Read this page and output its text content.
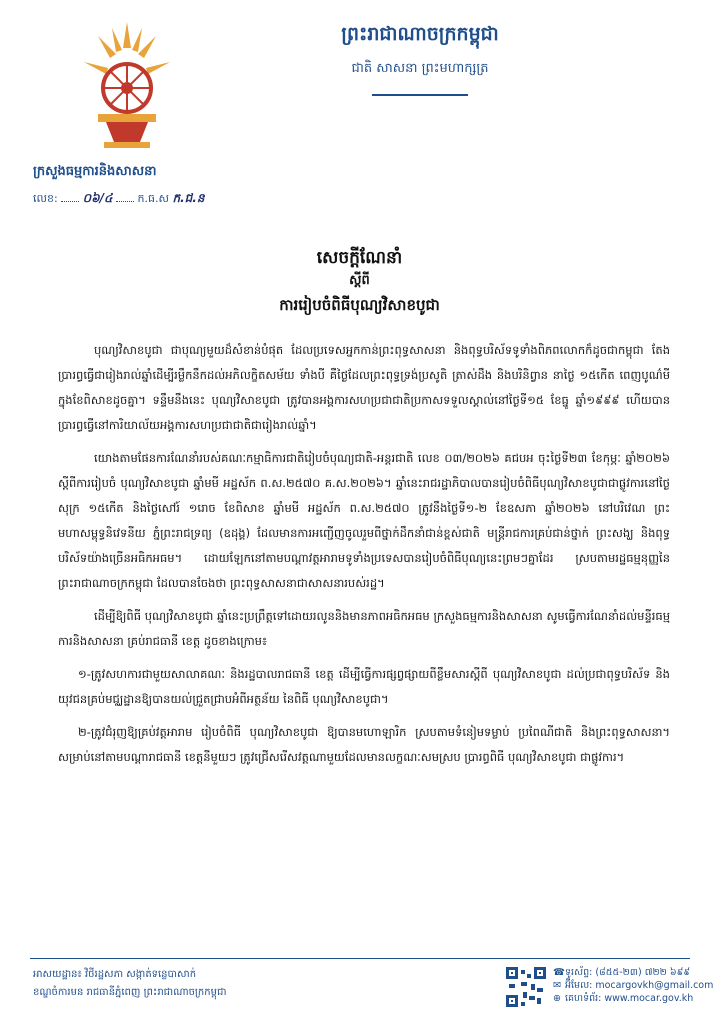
ព្រះរាជាណាចក្រកម្ពុជា
ជាតិ សាសនា ព្រះមហាក្សត្រ
ក្រសួងធម្មការនិងសាសនា
លេខ: ០៦/៤ ក.ធ.ស ក.ជ.ន
សេចក្តីណែនាំ
ស្តីពី
ការរៀបចំពិធីបុណ្យវិសាខបូជា

បុណ្យវិសាខបូជា ជាបុណ្យមួយដ៏សំខាន់បំផុត ដែលប្រទេសអ្នកកាន់ព្រះពុទ្ធសាសនា និងពុទ្ធបរិស័ទទូទាំងពិភពលោកក៏ដូចជាកម្ពុជា តែងប្រារព្ធធ្វើជារៀងរាល់ឆ្នាំដើម្បីរម្លឹកនឹកដល់អភិលក្ខិតសម័យ ទាំងបី គឺថ្ងៃដែលព្រះពុទ្ធទ្រង់ប្រសូតិ ត្រាស់ដឹង និងបរិនិព្វាន នាថ្ងៃ ១៥កើត ពេញបូណ៌មី ក្នុងខែពិសាខដូចគ្នា។ ទន្ទឹមនឹងនេះ បុណ្យវិសាខបូជា ត្រូវបានអង្គការសហប្រជាជាតិប្រកាសទទួលស្គាល់នៅថ្ងៃទី១៥ ខែធ្នូ ឆ្នាំ១៩៩៩ ហើយបានប្រារព្ធធ្វើនៅការិយាល័យអង្គការសហប្រជាជាតិជារៀងរាល់ឆ្នាំ។

យោងតាមផែនការណែនាំរបស់គណៈកម្មាធិការជាតិរៀបចំបុណ្យជាតិ-អន្តរជាតិ លេខ ០៣/២០២៦ គជបអ ចុះថ្ងៃទី២៣ ខែកុម្ភៈ ឆ្នាំ២០២៦ ស្តីពីការរៀបចំ បុណ្យវិសាខបូជា ឆ្នាំមមី អដ្ឋស័ក ព.ស.២៥៧០ គ.ស.២០២៦។ ឆ្នាំនេះរាជរដ្ឋាភិបាលបានរៀបចំពិធីបុណ្យវិសាខបូជាជាផ្លូវការនៅថ្ងៃសុក្រ ១៥កើត និងថ្ងៃសៅរ៍ ១រោច ខែពិសាខ ឆ្នាំមមី អដ្ឋស័ក ព.ស.២៥៧០ ត្រូវនឹងថ្ងៃទី១-២ ខែឧសភា ឆ្នាំ២០២៦ នៅបរិវេណ ព្រះមហាសម្ពុទ្ធនិវេទនីយ ភ្នំព្រះរាជទ្រព្យ (ឧដុង្គ) ដែលមានការអញ្ជើញចូលរួមពីថ្នាក់ដឹកនាំជាន់ខ្ពស់ជាតិ មន្ត្រីរាជការគ្រប់ជាន់ថ្នាក់ ព្រះសង្ឃ និងពុទ្ធបរិស័ទយ៉ាងច្រើនអធិកអធម។ ដោយឡែកនៅតាមបណ្តាវត្តអារាមទូទាំងប្រទេសបានរៀបចំពិធីបុណ្យនេះព្រមៗគ្នាដែរ ស្របតាមរដ្ឋធម្មនុញ្ញនៃព្រះរាជាណាចក្រកម្ពុជា ដែលបានចែងថា ព្រះពុទ្ធសាសនាជាសាសនារបស់រដ្ឋ។

ដើម្បីឱ្យពិធី បុណ្យវិសាខបូជា ឆ្នាំនេះប្រព្រឹត្តទៅដោយរលូននិងមានភាពអធិកអធម ក្រសួងធម្មការនិងសាសនា សូមធ្វើការណែនាំដល់មន្ទីរធម្មការនិងសាសនា គ្រប់រាជធានី ខេត្ត ដូចខាងក្រោម៖

១-ត្រូវសហការជាមួយសាលាគណៈ និងរដ្ឋបាលរាជធានី ខេត្ត ដើម្បីធ្វើការផ្សព្វផ្សាយពីខ្លឹមសារស្តីពី បុណ្យវិសាខបូជា ដល់ប្រជាពុទ្ធបរិស័ទ និងយុវជនគ្រប់មជ្ឈដ្ឋានឱ្យបានយល់ជ្រួតជ្រាបអំពីអត្ថន័យ នៃពិធី បុណ្យវិសាខបូជា។

២-ត្រូវជំរុញឱ្យគ្រប់វត្តអារាម រៀបចំពិធី បុណ្យវិសាខបូជា ឱ្យបានមហោឡារិក ស្របតាមទំនៀមទម្លាប់ ប្រពៃណីជាតិ និងព្រះពុទ្ធសាសនា។ សម្រាប់នៅតាមបណ្តារាជធានី ខេត្តនីមួយៗ ត្រូវជ្រើសរើសវត្តណាមួយដែលមានលក្ខណៈសមស្រប ប្រារព្ធពិធី បុណ្យវិសាខបូជា ជាផ្លូវការ។

អាសយដ្ឋាន៖ វិថីរដ្ឋសភា សង្កាត់ទន្លេបាសាក់
ខណ្ឌចំការមន រាជធានីភ្នំពេញ ព្រះរាជាណាចក្រកម្ពុជា
☎ទូរស័ព្ទ: (៨៥៥-២៣) ៧២២ ៦៩៩
✉ អ៊ីមែល: mocargovkh@gmail.com
⊕ គេហទំព័រ: www.mocar.gov.kh
